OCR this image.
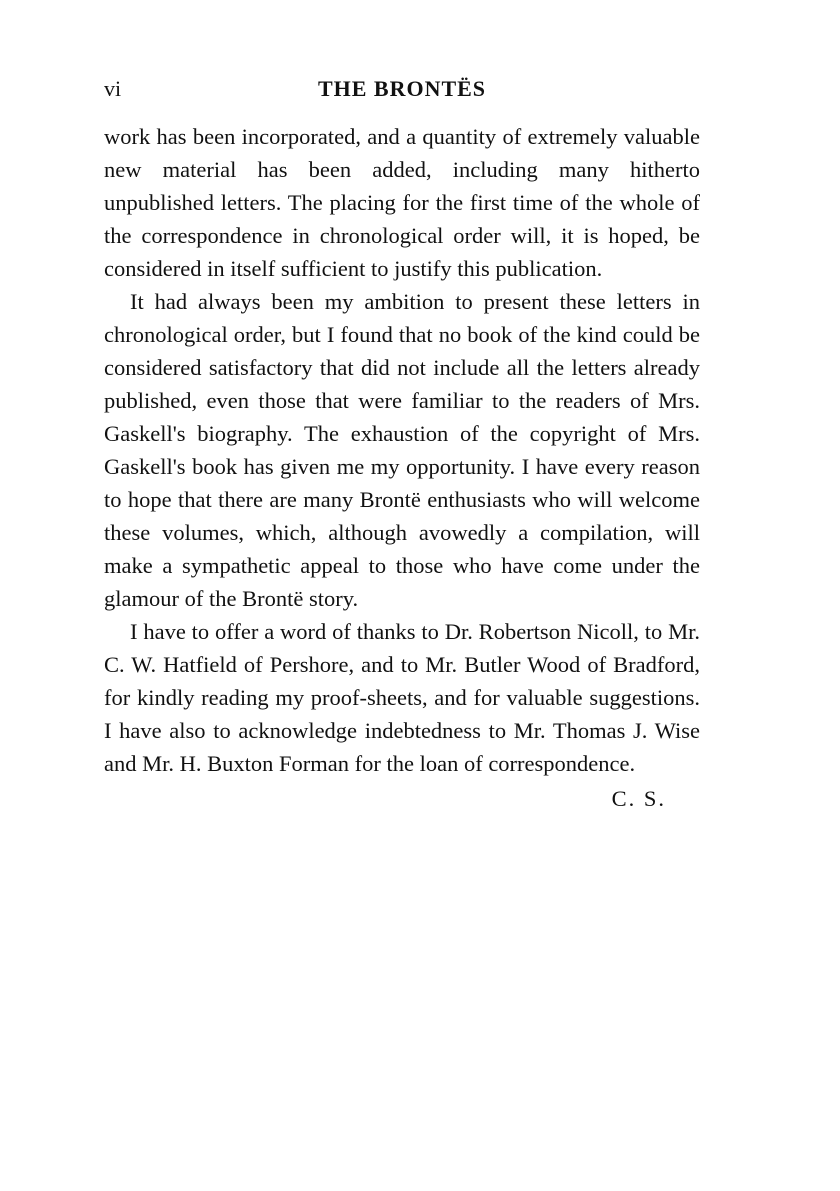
vi	THE BRONTËS

work has been incorporated, and a quantity of extremely valuable new material has been added, including many hitherto unpublished letters. The placing for the first time of the whole of the correspondence in chronological order will, it is hoped, be considered in itself sufficient to justify this publication.

It had always been my ambition to present these letters in chronological order, but I found that no book of the kind could be considered satisfactory that did not include all the letters already published, even those that were familiar to the readers of Mrs. Gaskell's biography. The exhaustion of the copyright of Mrs. Gaskell's book has given me my opportunity. I have every reason to hope that there are many Brontë enthusiasts who will welcome these volumes, which, although avowedly a compilation, will make a sympathetic appeal to those who have come under the glamour of the Brontë story.

I have to offer a word of thanks to Dr. Robertson Nicoll, to Mr. C. W. Hatfield of Pershore, and to Mr. Butler Wood of Bradford, for kindly reading my proof-sheets, and for valuable suggestions. I have also to acknowledge indebtedness to Mr. Thomas J. Wise and Mr. H. Buxton Forman for the loan of correspondence.

C. S.
